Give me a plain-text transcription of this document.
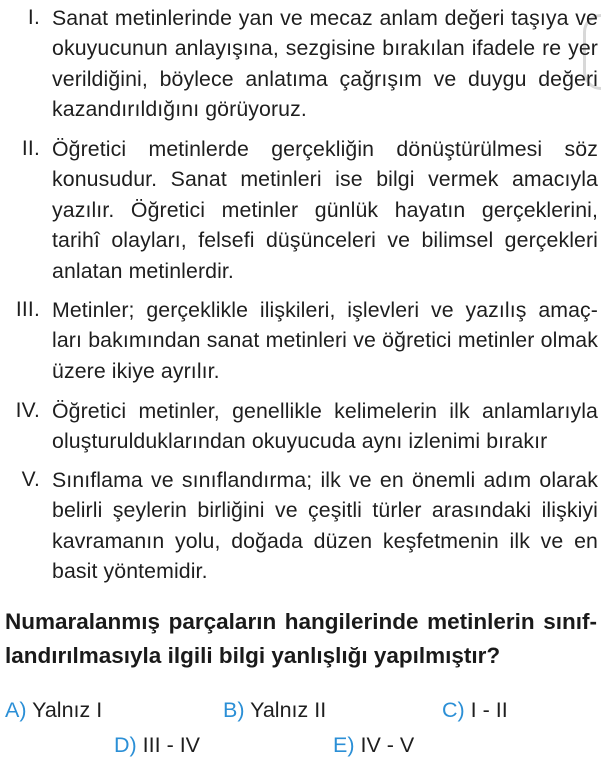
I. Sanat metinlerinde yan ve mecaz anlam değeri taşıya ve okuyucunun anlayışına, sezgisine bırakılan ifadele re yer verildiğini, böylece anlatıma çağrışım ve duygu değeri kazandırıldığını görüyoruz.
II. Öğretici metinlerde gerçekliğin dönüştürülmesi söz konusudur. Sanat metinleri ise bilgi vermek amacıyla yazılır. Öğretici metinler günlük hayatın gerçeklerini, tarihî olayları, felsefi düşünceleri ve bilimsel gerçekleri anlatan metinlerdir.
III. Metinler; gerçeklikle ilişkileri, işlevleri ve yazılış amaç- ları bakımından sanat metinleri ve öğretici metinler olmak üzere ikiye ayrılır.
IV. Öğretici metinler, genellikle kelimelerin ilk anlamlarıyla oluşturulduklarından okuyucuda aynı izlenimi bırakır
V. Sınıflama ve sınıflandırma; ilk ve en önemli adım olarak belirli şeylerin birliğini ve çeşitli türler arasındaki ilişkiyi kavramanın yolu, doğada düzen keşfetmenin ilk ve en basit yöntemidir.
Numaralanmış parçaların hangilerinde metinlerin sınıf- landırılmasıyla ilgili bilgi yanlışlığı yapılmıştır?
A) Yalnız I	B) Yalnız II	C) I - II
D) III - IV	E) IV - V
